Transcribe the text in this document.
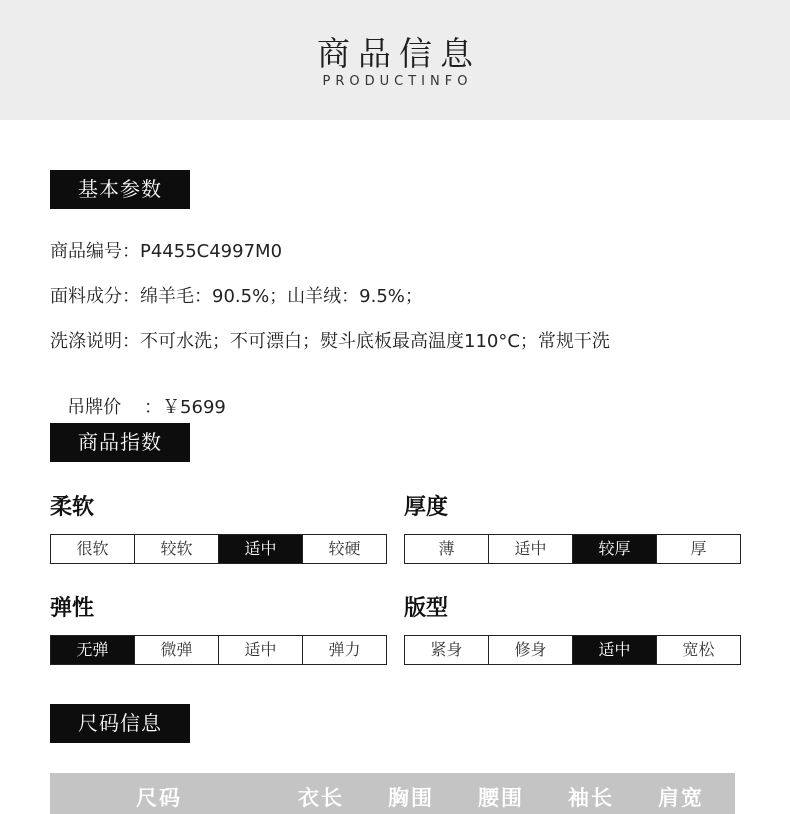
商品信息
PRODUCTINFO
基本参数
商品编号：P4455C4997M0
面料成分：绵羊毛：90.5%；山羊绒：9.5%；
洗涤说明：不可水洗；不可漂白；熨斗底板最高温度110°C；常规干洗

吊牌价    ：￥5699

商品指数
柔软
很软	较软	适中	较硬
厚度
薄	适中	较厚	厚
弹性
无弹	微弹	适中	弹力
版型
紧身	修身	适中	宽松
尺码信息
尺码	衣长 胸围 腰围 袖长 肩宽
